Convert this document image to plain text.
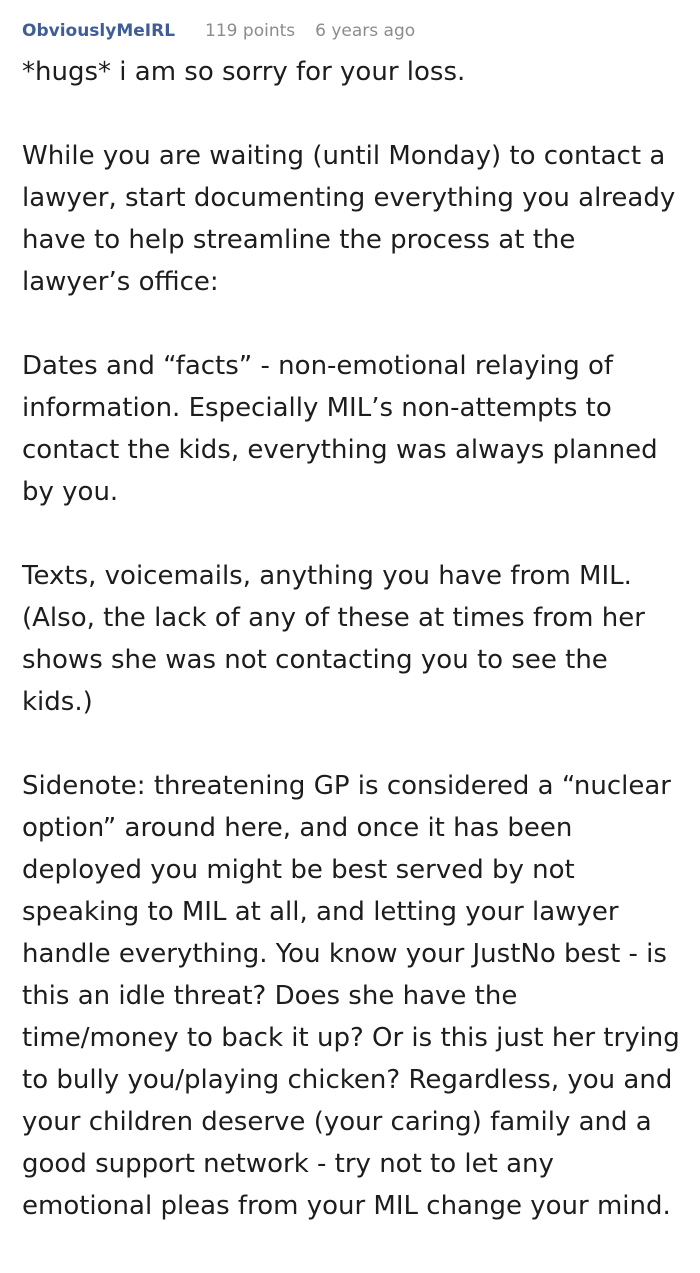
ObviouslyMeIRL 119 points 6 years ago

*hugs* i am so sorry for your loss.

While you are waiting (until Monday) to contact a lawyer, start documenting everything you already have to help streamline the process at the lawyer’s office:

Dates and “facts” - non-emotional relaying of information. Especially MIL’s non-attempts to contact the kids, everything was always planned by you.

Texts, voicemails, anything you have from MIL. (Also, the lack of any of these at times from her shows she was not contacting you to see the kids.)

Sidenote: threatening GP is considered a “nuclear option” around here, and once it has been deployed you might be best served by not speaking to MIL at all, and letting your lawyer handle everything. You know your JustNo best - is this an idle threat? Does she have the time/money to back it up? Or is this just her trying to bully you/playing chicken? Regardless, you and your children deserve (your caring) family and a good support network - try not to let any emotional pleas from your MIL change your mind.
